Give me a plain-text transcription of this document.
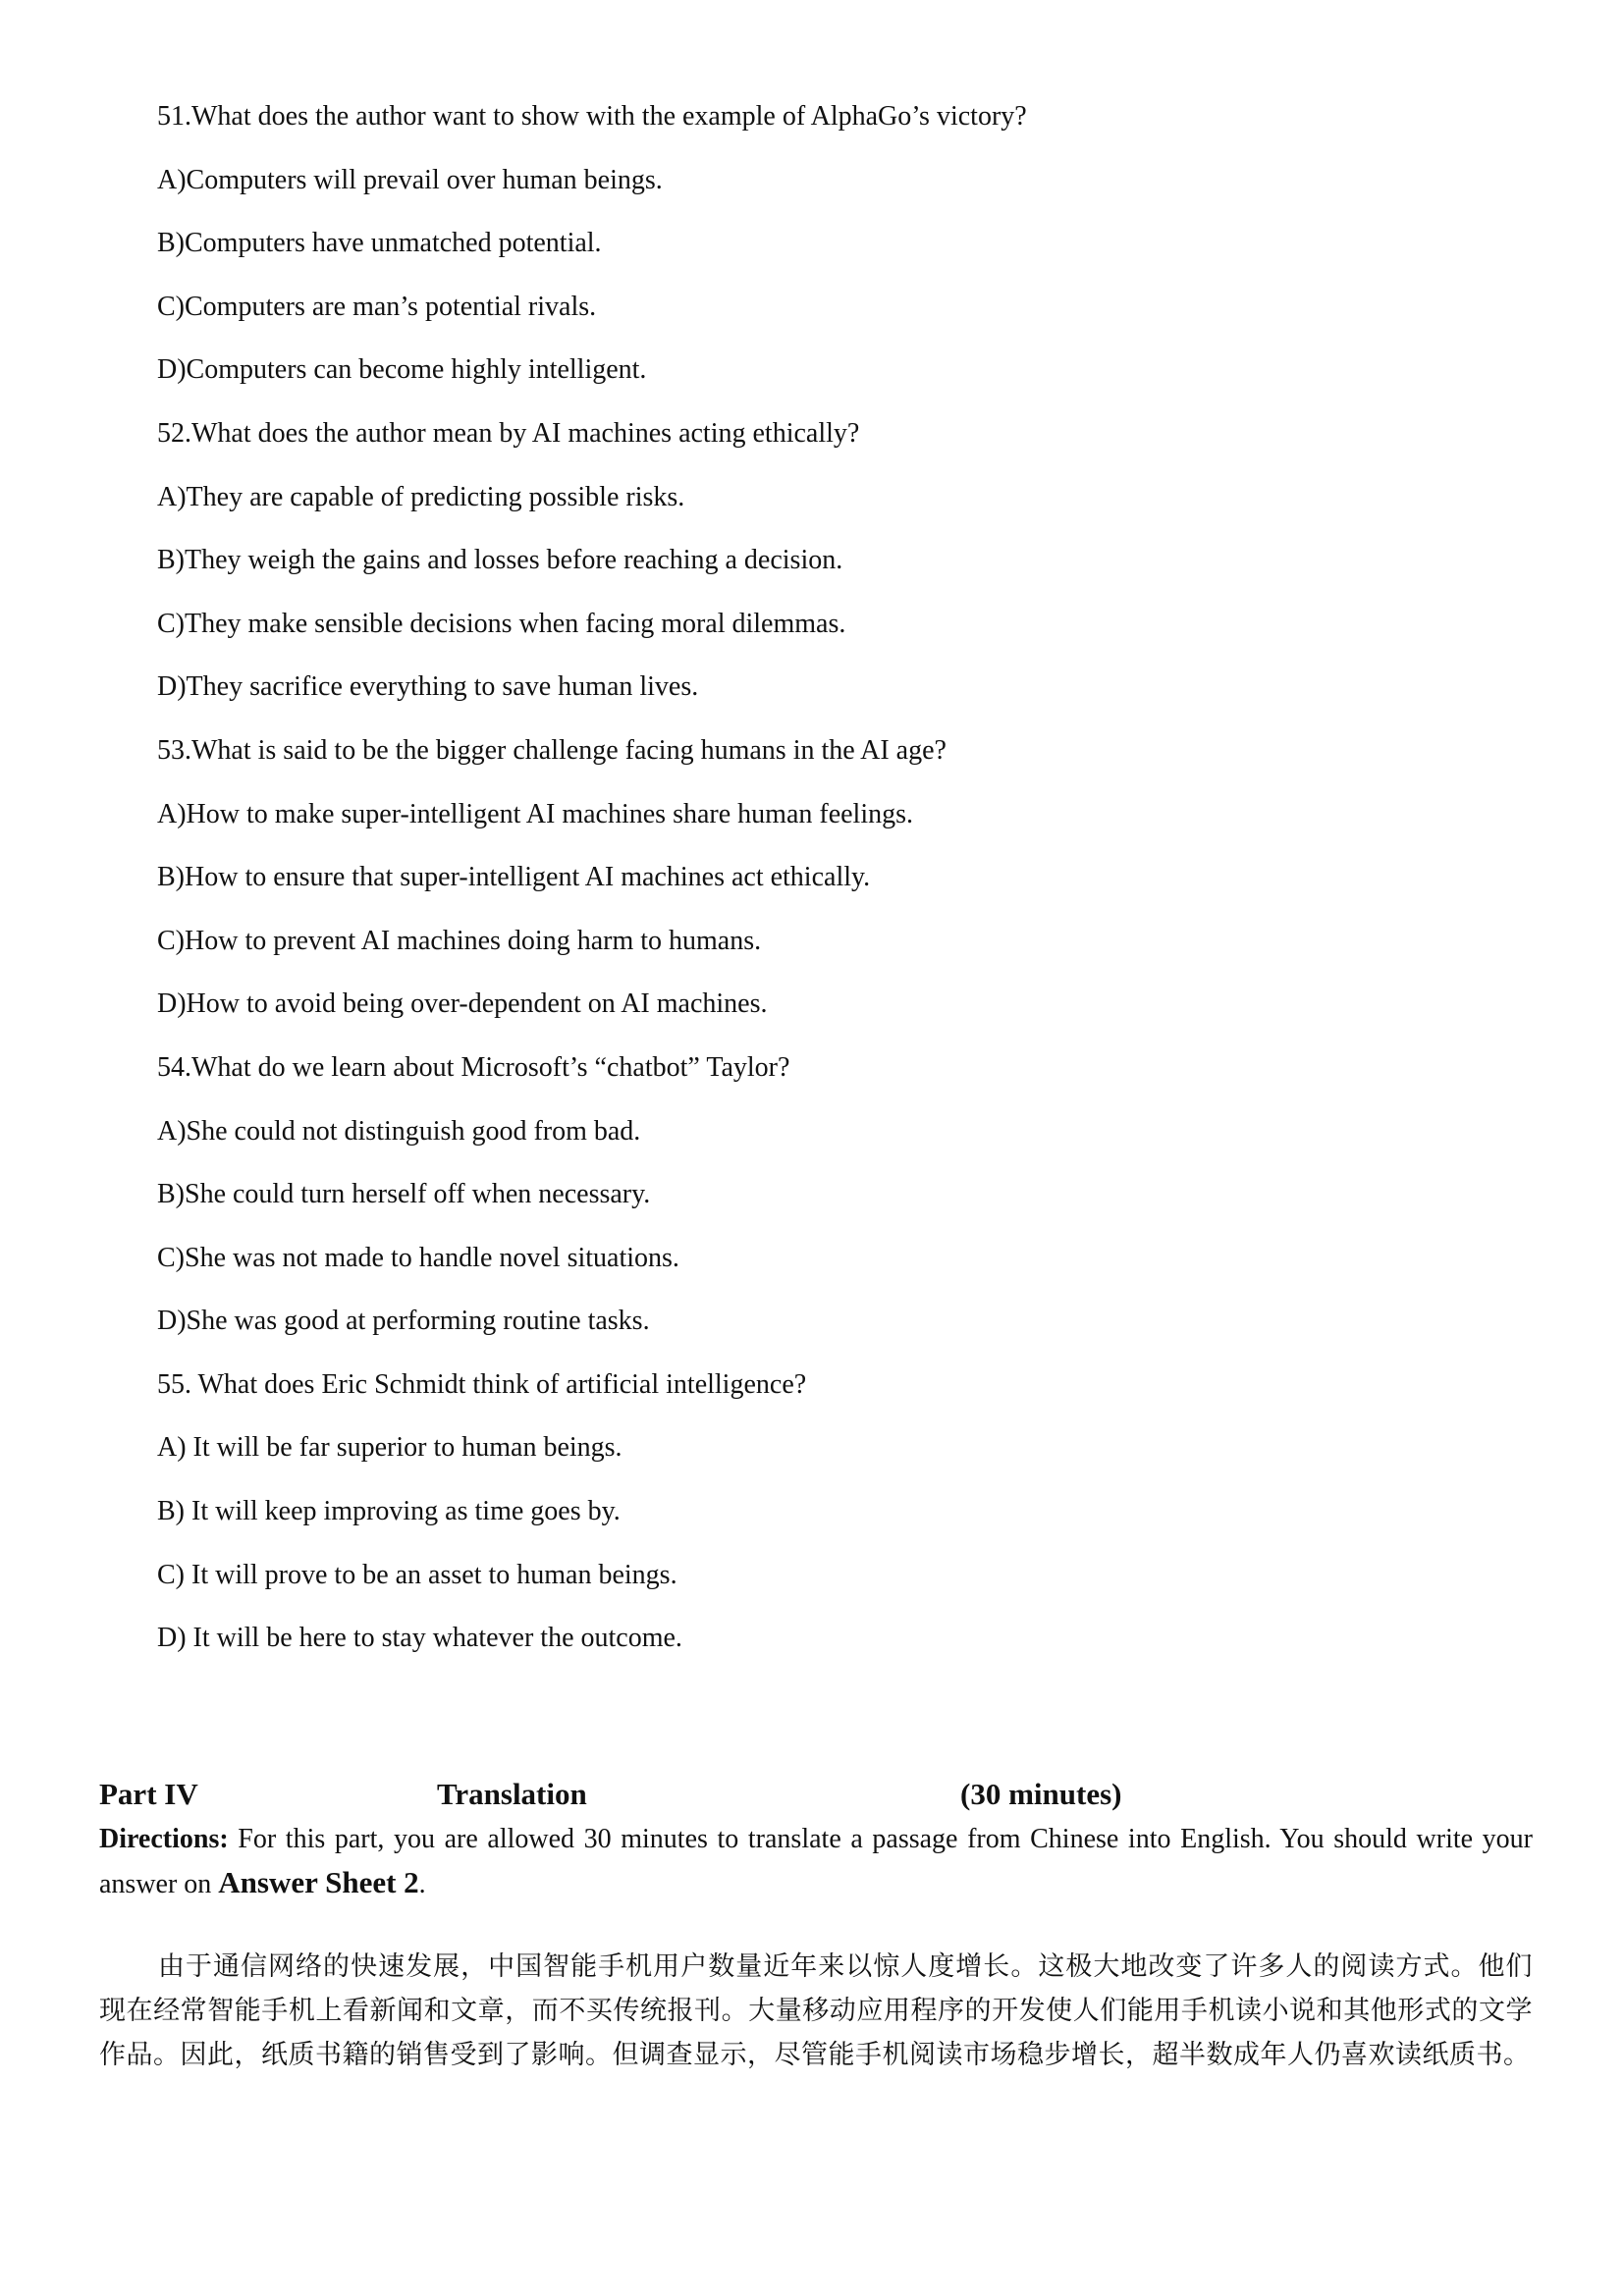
51.What does the author want to show with the example of AlphaGo’s victory?
A)Computers will prevail over human beings.
B)Computers have unmatched potential.
C)Computers are man’s potential rivals.
D)Computers can become highly intelligent.
52.What does the author mean by AI machines acting ethically?
A)They are capable of predicting possible risks.
B)They weigh the gains and losses before reaching a decision.
C)They make sensible decisions when facing moral dilemmas.
D)They sacrifice everything to save human lives.
53.What is said to be the bigger challenge facing humans in the AI age?
A)How to make super-intelligent AI machines share human feelings.
B)How to ensure that super-intelligent AI machines act ethically.
C)How to prevent AI machines doing harm to humans.
D)How to avoid being over-dependent on AI machines.
54.What do we learn about Microsoft’s “chatbot” Taylor?
A)She could not distinguish good from bad.
B)She could turn herself off when necessary.
C)She was not made to handle novel situations.
D)She was good at performing routine tasks.
55. What does Eric Schmidt think of artificial intelligence?
A) It will be far superior to human beings.
B) It will keep improving as time goes by.
C) It will prove to be an asset to human beings.
D) It will be here to stay whatever the outcome.
Part IV	Translation	(30 minutes)
Directions: For this part, you are allowed 30 minutes to translate a passage from Chinese into English. You should write your answer on Answer Sheet 2.
由于通信网络的快速发展，中国智能手机用户数量近年来以惊人度增长。这极大地改变了许多人的阅读方式。他们现在经常智能手机上看新闻和文章，而不买传统报刊。大量移动应用程序的开发使人们能用手机读小说和其他形式的文学作品。因此，纸质书籍的销售受到了影响。但调查显示，尽管能手机阅读市场稳步增长，超半数成年人仍喜欢读纸质书。
